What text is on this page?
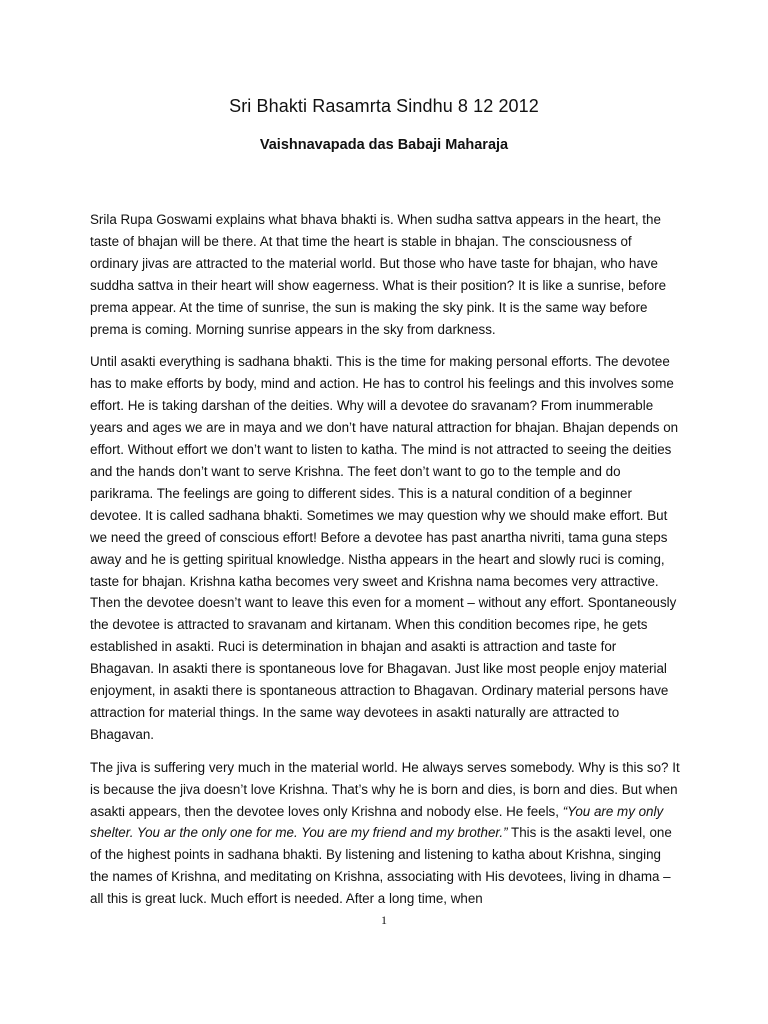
Sri Bhakti Rasamrta Sindhu 8 12 2012
Vaishnavapada das Babaji Maharaja

Srila Rupa Goswami explains what bhava bhakti is. When sudha sattva appears in the heart, the taste of bhajan will be there. At that time the heart is stable in bhajan. The consciousness of ordinary jivas are attracted to the material world. But those who have taste for bhajan, who have suddha sattva in their heart will show eagerness. What is their position? It is like a sunrise, before prema appear. At the time of sunrise, the sun is making the sky pink. It is the same way before prema is coming. Morning sunrise appears in the sky from darkness.

Until asakti everything is sadhana bhakti. This is the time for making personal efforts. The devotee has to make efforts by body, mind and action. He has to control his feelings and this involves some effort. He is taking darshan of the deities. Why will a devotee do sravanam? From inummerable years and ages we are in maya and we don’t have natural attraction for bhajan. Bhajan depends on effort. Without effort we don’t want to listen to katha. The mind is not attracted to seeing the deities and the hands don’t want to serve Krishna. The feet don’t want to go to the temple and do parikrama. The feelings are going to different sides. This is a natural condition of a beginner devotee. It is called sadhana bhakti. Sometimes we may question why we should make effort. But we need the greed of conscious effort! Before a devotee has past anartha nivriti, tama guna steps away and he is getting spiritual knowledge. Nistha appears in the heart and slowly ruci is coming, taste for bhajan. Krishna katha becomes very sweet and Krishna nama becomes very attractive. Then the devotee doesn’t want to leave this even for a moment – without any effort. Spontaneously the devotee is attracted to sravanam and kirtanam. When this condition becomes ripe, he gets established in asakti. Ruci is determination in bhajan and asakti is attraction and taste for Bhagavan. In asakti there is spontaneous love for Bhagavan. Just like most people enjoy material enjoyment, in asakti there is spontaneous attraction to Bhagavan. Ordinary material persons have attraction for material things. In the same way devotees in asakti naturally are attracted to Bhagavan.

The jiva is suffering very much in the material world. He always serves somebody. Why is this so? It is because the jiva doesn’t love Krishna. That’s why he is born and dies, is born and dies. But when asakti appears, then the devotee loves only Krishna and nobody else. He feels, “You are my only shelter. You ar the only one for me. You are my friend and my brother.” This is the asakti level, one of the highest points in sadhana bhakti. By listening and listening to katha about Krishna, singing the names of Krishna, and meditating on Krishna, associating with His devotees, living in dhama – all this is great luck. Much effort is needed. After a long time, when

1
